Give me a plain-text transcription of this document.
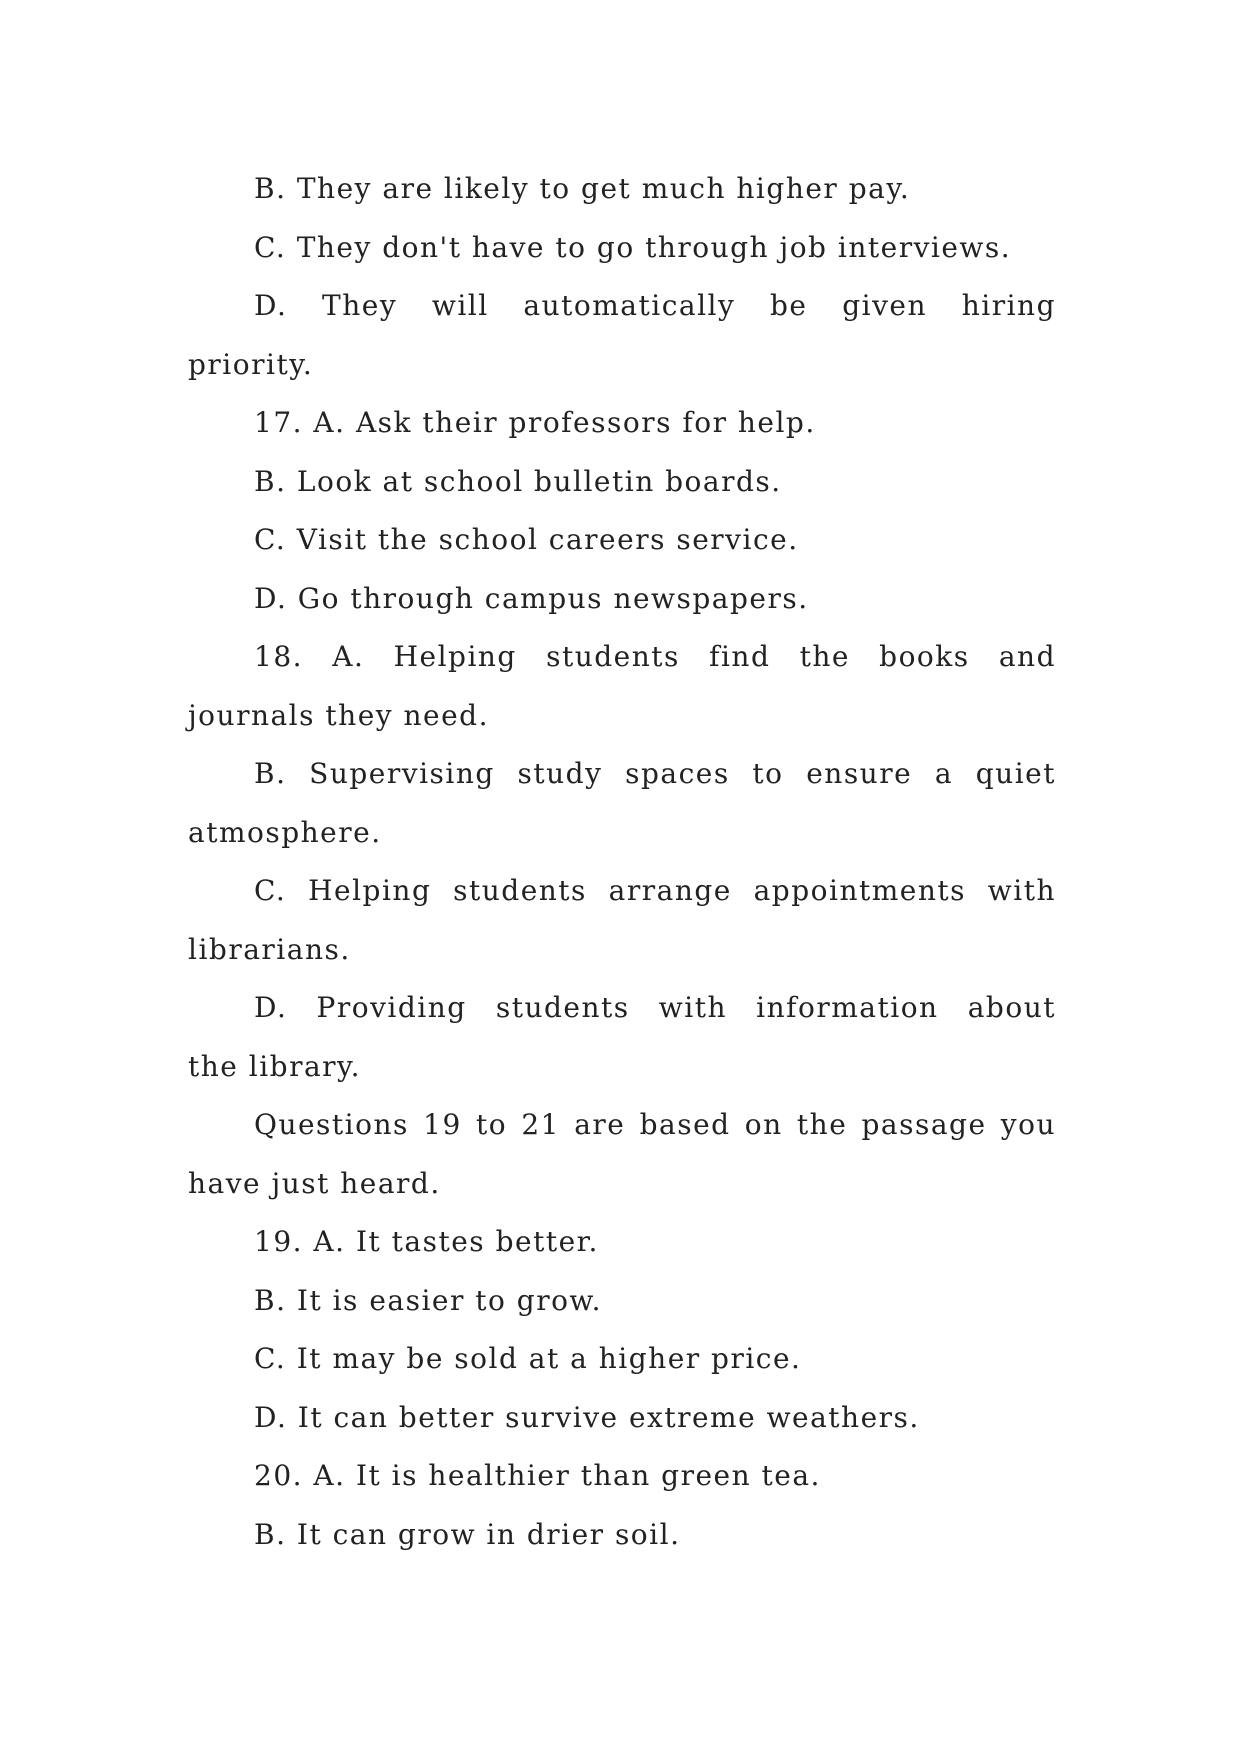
B. They are likely to get much higher pay.
C. They don't have to go through job interviews.
D. They will automatically be given hiring
priority.
17. A. Ask their professors for help.
B. Look at school bulletin boards.
C. Visit the school careers service.
D. Go through campus newspapers.
18. A. Helping students find the books and
journals they need.
B. Supervising study spaces to ensure a quiet
atmosphere.
C. Helping students arrange appointments with
librarians.
D. Providing students with information about
the library.
Questions 19 to 21 are based on the passage you
have just heard.
19. A. It tastes better.
B. It is easier to grow.
C. It may be sold at a higher price.
D. It can better survive extreme weathers.
20. A. It is healthier than green tea.
B. It can grow in drier soil.
